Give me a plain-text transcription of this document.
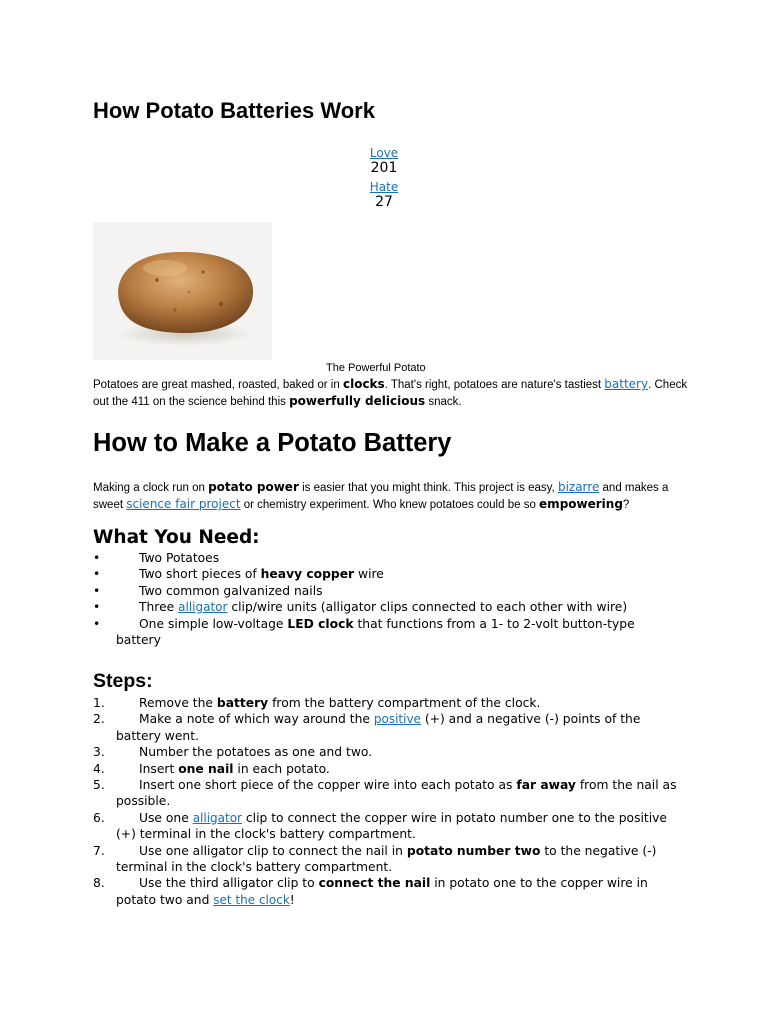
How Potato Batteries Work
Love
201
Hate
27
The Powerful Potato

Potatoes are great mashed, roasted, baked or in clocks. That's right, potatoes are nature's tastiest battery. Check out the 411 on the science behind this powerfully delicious snack.

How to Make a Potato Battery

Making a clock run on potato power is easier that you might think. This project is easy, bizarre and makes a sweet science fair project or chemistry experiment. Who knew potatoes could be so empowering?

What You Need:
•	Two Potatoes
•	Two short pieces of heavy copper wire
•	Two common galvanized nails
•	Three alligator clip/wire units (alligator clips connected to each other with wire)
•	One simple low-voltage LED clock that functions from a 1- to 2-volt button-type battery
Steps:
1.	Remove the battery from the battery compartment of the clock.
2.	Make a note of which way around the positive (+) and a negative (-) points of the battery went.
3.	Number the potatoes as one and two.
4.	Insert one nail in each potato.
5.	Insert one short piece of the copper wire into each potato as far away from the nail as possible.
6.	Use one alligator clip to connect the copper wire in potato number one to the positive (+) terminal in the clock's battery compartment.
7.	Use one alligator clip to connect the nail in potato number two to the negative (-) terminal in the clock's battery compartment.
8.	Use the third alligator clip to connect the nail in potato one to the copper wire in potato two and set the clock!
